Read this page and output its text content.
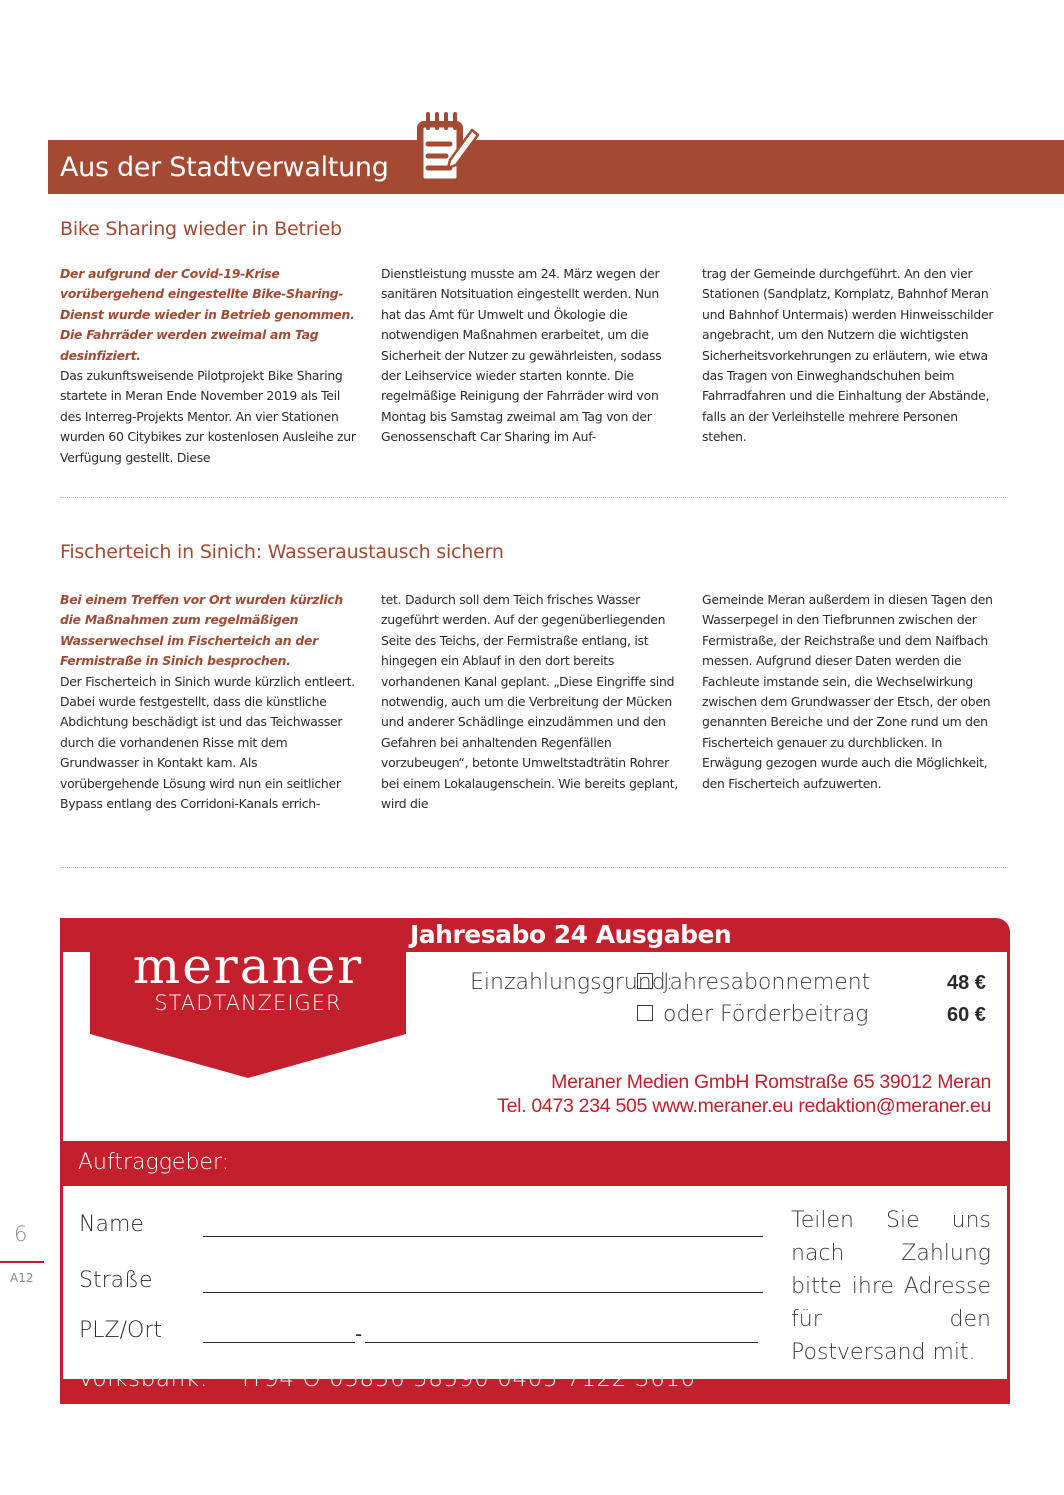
Aus der Stadtverwaltung
Bike Sharing wieder in Betrieb
Der aufgrund der Covid-19-Krise vorübergehend eingestellte Bike-Sharing-Dienst wurde wieder in Betrieb genommen. Die Fahrräder werden zweimal am Tag desinfiziert.
Das zukunftsweisende Pilotprojekt Bike Sharing startete in Meran Ende November 2019 als Teil des Interreg-Projekts Mentor. An vier Stationen wurden 60 Citybikes zur kostenlosen Ausleihe zur Verfügung gestellt. Diese
Dienstleistung musste am 24. März wegen der sanitären Notsituation eingestellt werden. Nun hat das Amt für Umwelt und Ökologie die notwendigen Maßnahmen erarbeitet, um die Sicherheit der Nutzer zu gewährleisten, sodass der Leihservice wieder starten konnte. Die regelmäßige Reinigung der Fahrräder wird von Montag bis Samstag zweimal am Tag von der Genossenschaft Car Sharing im Auf-
trag der Gemeinde durchgeführt. An den vier Stationen (Sandplatz, Kornplatz, Bahnhof Meran und Bahnhof Untermais) werden Hinweisschilder angebracht, um den Nutzern die wichtigsten Sicherheitsvorkehrungen zu erläutern, wie etwa das Tragen von Einweghandschuhen beim Fahrradfahren und die Einhaltung der Abstände, falls an der Verleihstelle mehrere Personen stehen.
Fischerteich in Sinich: Wasseraustausch sichern
Bei einem Treffen vor Ort wurden kürzlich die Maßnahmen zum regelmäßigen Wasserwechsel im Fischerteich an der Fermistraße in Sinich besprochen.
Der Fischerteich in Sinich wurde kürzlich entleert. Dabei wurde festgestellt, dass die künstliche Abdichtung beschädigt ist und das Teichwasser durch die vorhandenen Risse mit dem Grundwasser in Kontakt kam. Als vorübergehende Lösung wird nun ein seitlicher Bypass entlang des Corridoni-Kanals errich-
tet. Dadurch soll dem Teich frisches Wasser zugeführt werden. Auf der gegenüberliegenden Seite des Teichs, der Fermistraße entlang, ist hingegen ein Ablauf in den dort bereits vorhandenen Kanal geplant. „Diese Eingriffe sind notwendig, auch um die Verbreitung der Mücken und anderer Schädlinge einzudämmen und den Gefahren bei anhaltenden Regenfällen vorzubeugen“, betonte Umweltstadträtin Rohrer bei einem Lokalaugenschein. Wie bereits geplant, wird die
Gemeinde Meran außerdem in diesen Tagen den Wasserpegel in den Tiefbrunnen zwischen der Fermistraße, der Reichstraße und dem Naifbach messen. Aufgrund dieser Daten werden die Fachleute imstande sein, die Wechselwirkung zwischen dem Grundwasser der Etsch, der oben genannten Bereiche und der Zone rund um den Fischerteich genauer zu durchblicken. In Erwägung gezogen wurde auch die Möglichkeit, den Fischerteich aufzuwerten.

meraner

STADTANZEIGER

Jahresabo 24 Ausgaben
Einzahlungsgrund:
Jahresabonnement	48 €
oder Förderbeitrag	60 €
Meraner Medien GmbH Romstraße 65 39012 Meran
Tel. 0473 234 505 www.meraner.eu redaktion@meraner.eu

Auftraggeber:

Name
Straße
PLZ/Ort	-
Teilen Sie uns nach Zahlung bitte ihre Adresse für den Postversand mit.
Volksbank: IT94 O 05856 58590 0405 7122 3610
6
A12
